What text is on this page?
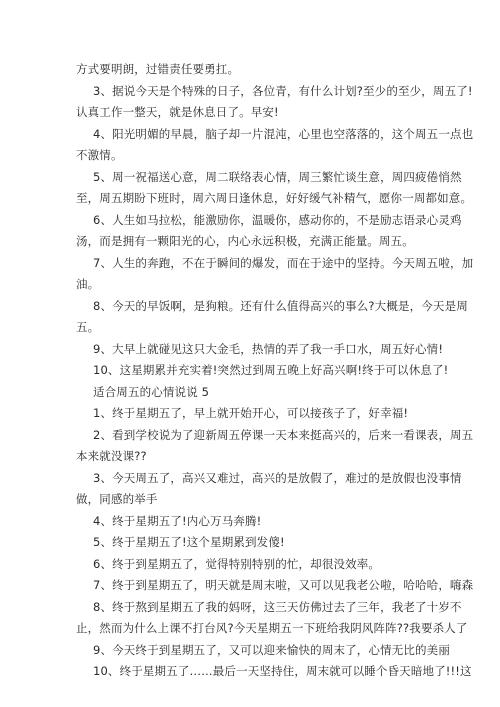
方式要明朗，过错责任要勇扛。
3、据说今天是个特殊的日子，各位青，有什么计划?至少的至少，周五了!
认真工作一整天，就是休息日了。早安!
4、阳光明媚的早晨，脑子却一片混沌，心里也空落落的，这个周五一点也
不激情。
5、周一祝福送心意，周二联络表心情，周三繁忙谈生意，周四疲倦悄然
至，周五期盼下班时，周六周日逢休息，好好缓气补精气，愿你一周都如意。
6、人生如马拉松，能激励你，温暖你，感动你的，不是励志语录心灵鸡
汤，而是拥有一颗阳光的心，内心永远积极，充满正能量。周五。
7、人生的奔跑，不在于瞬间的爆发，而在于途中的坚持。今天周五啦，加
油。
8、今天的早饭啊，是狗粮。还有什么值得高兴的事么?大概是，今天是周
五。
9、大早上就碰见这只大金毛，热情的弄了我一手口水，周五好心情!
10、这星期累并充实着!突然过到周五晚上好高兴啊!终于可以休息了!
适合周五的心情说说 5
1、终于星期五了，早上就开始开心，可以接孩子了，好幸福!
2、看到学校说为了迎新周五停课一天本来挺高兴的，后来一看课表，周五
本来就没课??
3、今天周五了，高兴又难过，高兴的是放假了，难过的是放假也没事情
做，同感的举手
4、终于星期五了!内心万马奔腾!
5、终于星期五了!这个星期累到发傻!
6、终于到星期五了，觉得特别特别的忙，却很没效率。
7、终于到星期五了，明天就是周末啦，又可以见我老公啦，哈哈哈，嗨森
8、终于熬到星期五了我的妈呀，这三天仿佛过去了三年，我老了十岁不
止，然而为什么上课不打台风?今天星期五一下班给我阴风阵阵??我要杀人了
9、今天终于到星期五了，又可以迎来愉快的周末了，心情无比的美丽
10、终于星期五了……最后一天坚持住，周末就可以睡个昏天暗地了!!!这
